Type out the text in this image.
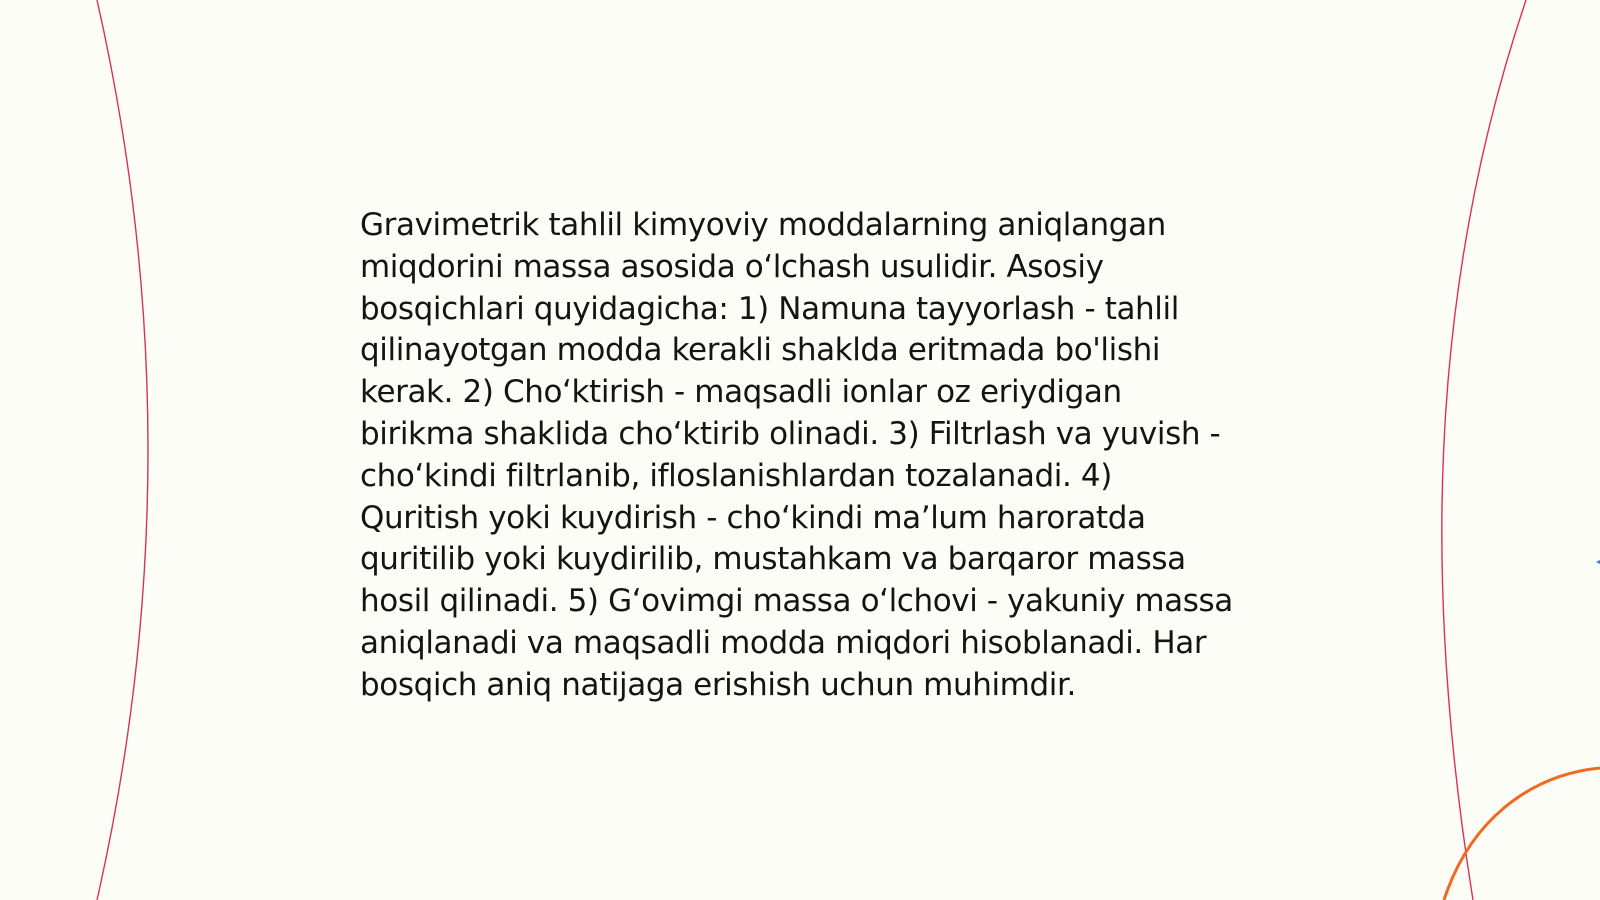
Gravimetrik tahlil kimyoviy moddalarning aniqlangan miqdorini massa asosida o‘lchash usulidir. Asosiy bosqichlari quyidagicha: 1) Namuna tayyorlash - tahlil qilinayotgan modda kerakli shaklda eritmada bo'lishi kerak. 2) Cho‘ktirish - maqsadli ionlar oz eriydigan birikma shaklida cho‘ktirib olinadi. 3) Filtrlash va yuvish - cho‘kindi filtrlanib, ifloslanishlardan tozalanadi. 4) Quritish yoki kuydirish - cho‘kindi ma’lum haroratda quritilib yoki kuydirilib, mustahkam va barqaror massa hosil qilinadi. 5) G‘ovimgi massa o‘lchovi - yakuniy massa aniqlanadi va maqsadli modda miqdori hisoblanadi. Har bosqich aniq natijaga erishish uchun muhimdir.
